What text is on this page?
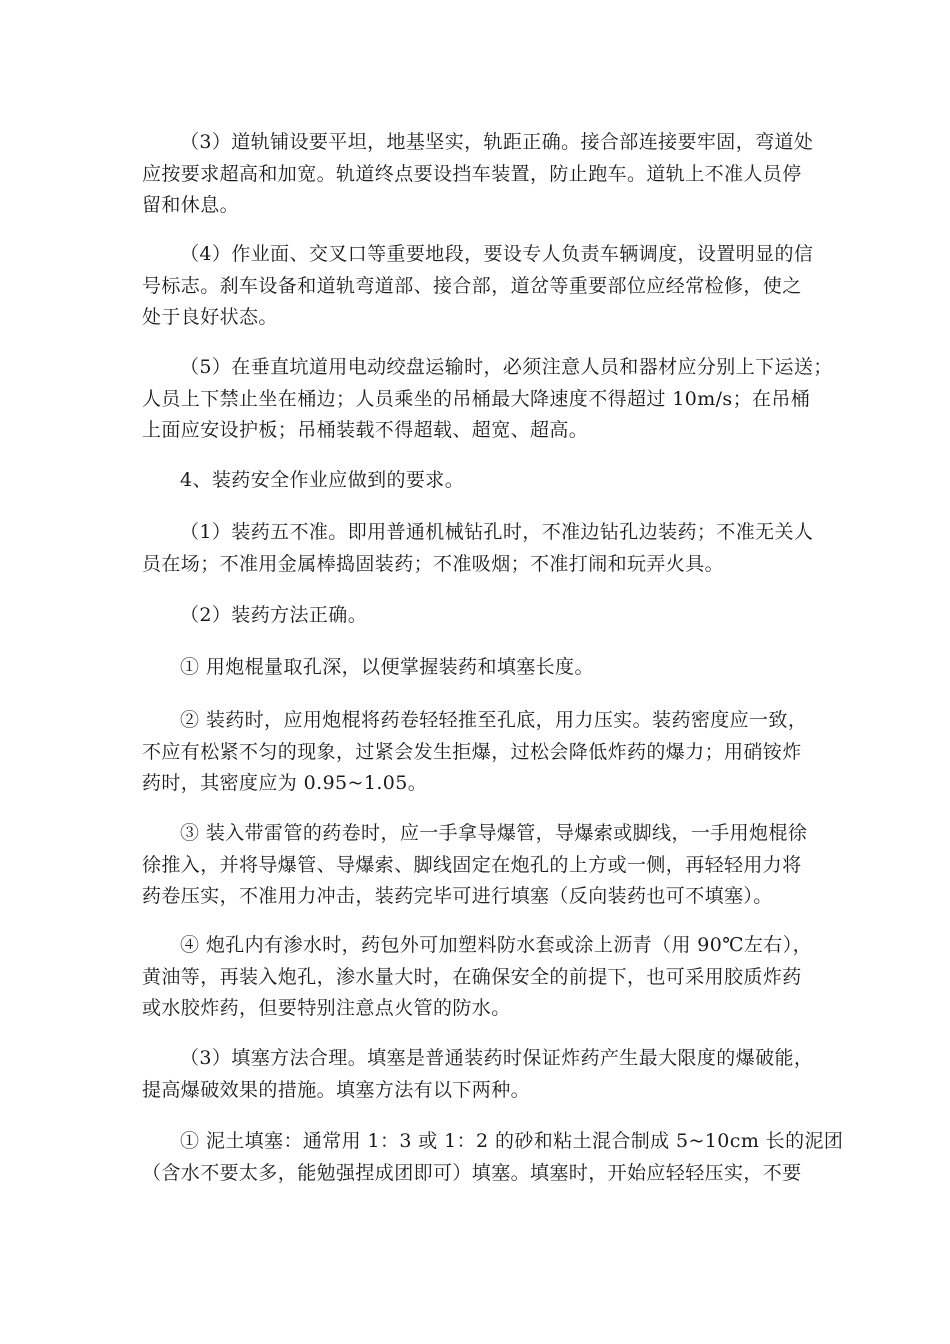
（3）道轨铺设要平坦，地基坚实，轨距正确。接合部连接要牢固，弯道处
应按要求超高和加宽。轨道终点要设挡车装置，防止跑车。道轨上不准人员停
留和休息。
（4）作业面、交叉口等重要地段，要设专人负责车辆调度，设置明显的信
号标志。刹车设备和道轨弯道部、接合部，道岔等重要部位应经常检修，使之
处于良好状态。
（5）在垂直坑道用电动绞盘运输时，必须注意人员和器材应分别上下运送；
人员上下禁止坐在桶边；人员乘坐的吊桶最大降速度不得超过 10m/s；在吊桶
上面应安设护板；吊桶装载不得超载、超宽、超高。
4、装药安全作业应做到的要求。
（1）装药五不准。即用普通机械钻孔时，不准边钻孔边装药；不准无关人
员在场；不准用金属棒捣固装药；不准吸烟；不准打闹和玩弄火具。
（2）装药方法正确。
① 用炮棍量取孔深，以便掌握装药和填塞长度。
② 装药时，应用炮棍将药卷轻轻推至孔底，用力压实。装药密度应一致，
不应有松紧不匀的现象，过紧会发生拒爆，过松会降低炸药的爆力；用硝铵炸
药时，其密度应为 0.95~1.05。
③ 装入带雷管的药卷时，应一手拿导爆管，导爆索或脚线，一手用炮棍徐
徐推入，并将导爆管、导爆索、脚线固定在炮孔的上方或一侧，再轻轻用力将
药卷压实，不准用力冲击，装药完毕可进行填塞（反向装药也可不填塞）。
④ 炮孔内有渗水时，药包外可加塑料防水套或涂上沥青（用 90℃左右），
黄油等，再装入炮孔，渗水量大时，在确保安全的前提下，也可采用胶质炸药
或水胶炸药，但要特别注意点火管的防水。
（3）填塞方法合理。填塞是普通装药时保证炸药产生最大限度的爆破能，
提高爆破效果的措施。填塞方法有以下两种。
① 泥土填塞：通常用 1：3 或 1：2 的砂和粘土混合制成 5~10cm 长的泥团
（含水不要太多，能勉强捏成团即可）填塞。填塞时，开始应轻轻压实，不要
